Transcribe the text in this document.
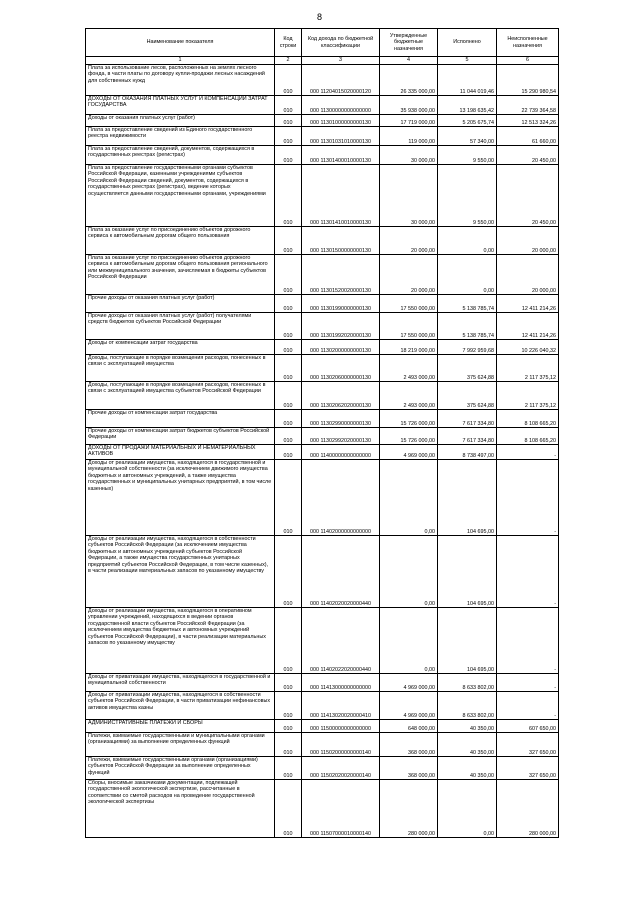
8
Наименование показателя	Код строки	Код дохода по бюджетной классификации	Утвержденные бюджетные назначения	Исполнено	Неисполненные назначения
1	2	3	4	5	6
Плата за использование лесов, расположенных на землях лесного фонда, в части платы по договору купли-продажи лесных насаждений для собственных нужд	010	000 11204015020000120	26 335 000,00	11 044 019,46	15 290 980,54
ДОХОДЫ ОТ ОКАЗАНИЯ ПЛАТНЫХ УСЛУГ И КОМПЕНСАЦИИ ЗАТРАТ ГОСУДАРСТВА	010	000 11300000000000000	35 938 000,00	13 198 635,42	22 739 364,58
Доходы от оказания платных услуг (работ)	010	000 11301000000000130	17 719 000,00	5 205 675,74	12 513 324,26
Плата за предоставление сведений из Единого государственного реестра недвижимости	010	000 11301031010000130	119 000,00	57 340,00	61 660,00
Плата за предоставление сведений, документов, содержащихся в государственных реестрах (регистрах)	010	000 11301400010000130	30 000,00	9 550,00	20 450,00
Плата за предоставление государственными органами субъектов Российской Федерации, казенными учреждениями субъектов Российской Федерации сведений, документов, содержащихся в государственных реестрах (регистрах), ведение которых осуществляется данными государственными органами, учреждениями	010	000 11301410010000130	30 000,00	9 550,00	20 450,00
Плата за оказание услуг по присоединению объектов дорожного сервиса к автомобильным дорогам общего пользования	010	000 11301500000000130	20 000,00	0,00	20 000,00
Плата за оказание услуг по присоединению объектов дорожного сервиса к автомобильным дорогам общего пользования регионального или межмуниципального значения, зачисляемая в бюджеты субъектов Российской Федерации	010	000 11301520020000130	20 000,00	0,00	20 000,00
Прочие доходы от оказания платных услуг (работ)	010	000 11301990000000130	17 550 000,00	5 138 785,74	12 411 214,26
Прочие доходы от оказания платных услуг (работ) получателями средств бюджетов субъектов Российской Федерации	010	000 11301992020000130	17 550 000,00	5 138 785,74	12 411 214,26
Доходы от компенсации затрат государства	010	000 11302000000000130	18 219 000,00	7 992 959,68	10 226 040,32
Доходы, поступающие в порядке возмещения расходов, понесенных в связи с эксплуатацией имущества	010	000 11302060000000130	2 493 000,00	375 624,88	2 117 375,12
Доходы, поступающие в порядке возмещения расходов, понесенных в связи с эксплуатацией имущества субъектов Российской Федерации	010	000 11302062020000130	2 493 000,00	375 624,88	2 117 375,12
Прочие доходы от компенсации затрат государства	010	000 11302990000000130	15 726 000,00	7 617 334,80	8 108 665,20
Прочие доходы от компенсации затрат бюджетов субъектов Российской Федерации	010	000 11302992020000130	15 726 000,00	7 617 334,80	8 108 665,20
ДОХОДЫ ОТ ПРОДАЖИ МАТЕРИАЛЬНЫХ И НЕМАТЕРИАЛЬНЫХ АКТИВОВ	010	000 11400000000000000	4 969 000,00	8 738 497,00	-
Доходы от реализации имущества, находящегося в государственной и муниципальной собственности (за исключением движимого имущества бюджетных и автономных учреждений, а также имущества государственных и муниципальных унитарных предприятий, в том числе казенных)	010	000 11402000000000000	0,00	104 695,00	-
Доходы от реализации имущества, находящегося в собственности субъектов Российской Федерации (за исключением имущества бюджетных и автономных учреждений субъектов Российской Федерации, а также имущества государственных унитарных предприятий субъектов Российской Федерации, в том числе казенных), в части реализации материальных запасов по указанному имуществу	010	000 11402020020000440	0,00	104 695,00	-
Доходы от реализации имущества, находящегося в оперативном управлении учреждений, находящихся в ведении органов государственной власти субъектов Российской Федерации (за исключением имущества бюджетных и автономных учреждений субъектов Российской Федерации), в части реализации материальных запасов по указанному имуществу	010	000 11402022020000440	0,00	104 695,00	-
Доходы от приватизации имущества, находящегося в государственной и муниципальной собственности	010	000 11413000000000000	4 969 000,00	8 633 802,00	-
Доходы от приватизации имущества, находящегося в собственности субъектов Российской Федерации, в части приватизации нефинансовых активов имущества казны	010	000 11413020020000410	4 969 000,00	8 633 802,00	-
АДМИНИСТРАТИВНЫЕ ПЛАТЕЖИ И СБОРЫ	010	000 11500000000000000	648 000,00	40 350,00	607 650,00
Платежи, взимаемые государственными и муниципальными органами (организациями) за выполнение определенных функций	010	000 11502000000000140	368 000,00	40 350,00	327 650,00
Платежи, взимаемые государственными органами (организациями) субъектов Российской Федерации за выполнение определенных функций	010	000 11502020020000140	368 000,00	40 350,00	327 650,00
Сборы, вносимые заказчиками документации, подлежащей государственной экологической экспертизе, рассчитанные в соответствии со сметой расходов на проведение государственной экологической экспертизы	010	000 11507000010000140	280 000,00	0,00	280 000,00
